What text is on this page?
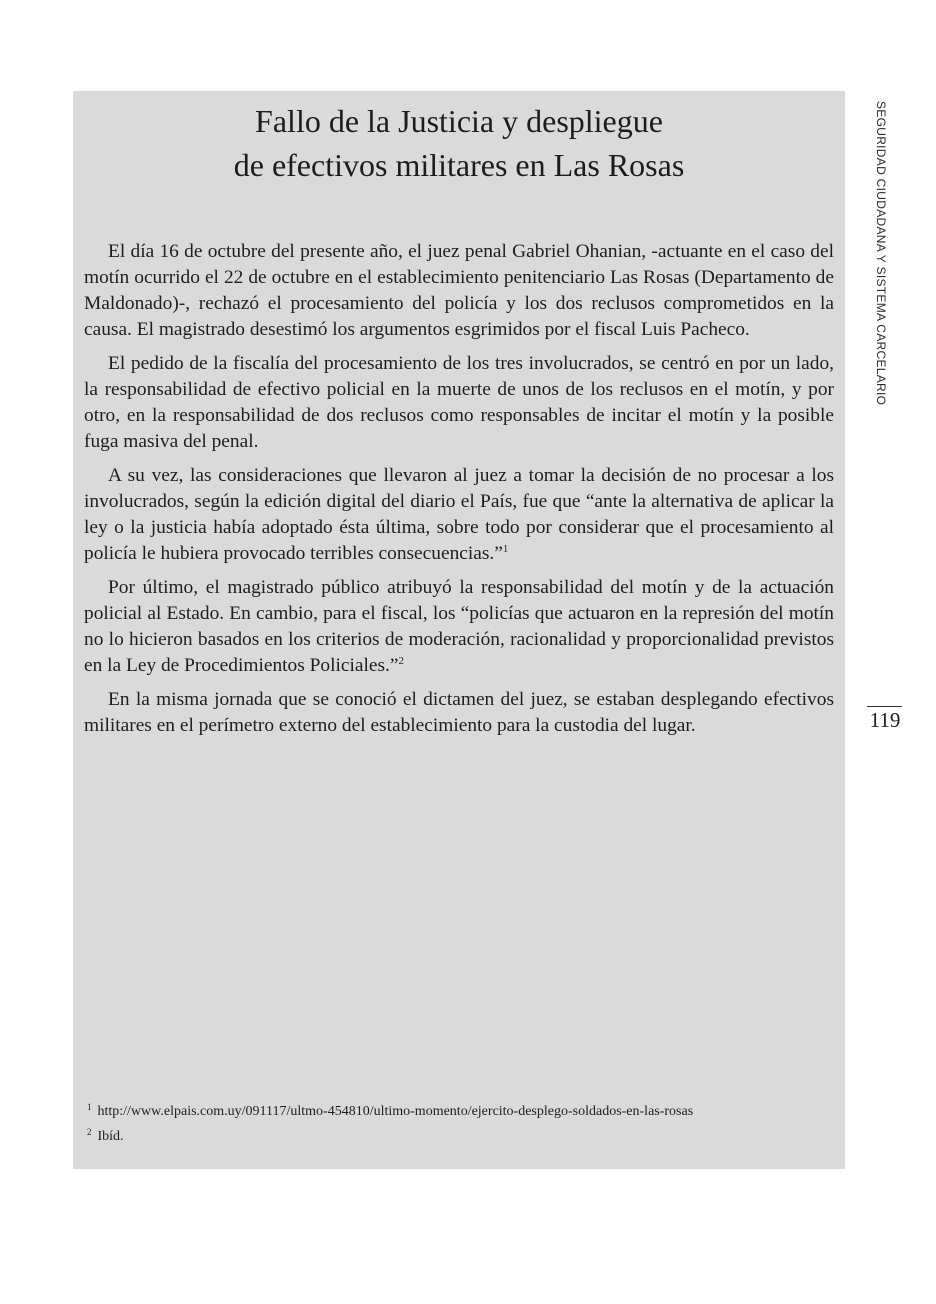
Fallo de la Justicia y despliegue
de efectivos militares en Las Rosas

El día 16 de octubre del presente año, el juez penal Gabriel Ohanian, -actuante en el caso del motín ocurrido el 22 de octubre en el establecimiento penitenciario Las Rosas (Departamento de Maldonado)-, rechazó el procesamiento del policía y los dos reclusos comprometidos en la causa. El magistrado desestimó los argumentos esgrimidos por el fiscal Luis Pacheco.

El pedido de la fiscalía del procesamiento de los tres involucrados, se centró en por un lado, la responsabilidad de efectivo policial en la muerte de unos de los reclusos en el motín, y por otro, en la responsabilidad de dos reclusos como responsables de incitar el motín y la posible fuga masiva del penal.

A su vez, las consideraciones que llevaron al juez a tomar la decisión de no procesar a los involucrados, según la edición digital del diario el País, fue que “ante la alternativa de aplicar la ley o la justicia había adoptado ésta última, sobre todo por considerar que el procesamiento al policía le hubiera provocado terribles consecuencias.”$^1$

Por último, el magistrado público atribuyó la responsabilidad del motín y de la actuación policial al Estado. En cambio, para el fiscal, los “policías que actuaron en la represión del motín no lo hicieron basados en los criterios de moderación, racionalidad y proporcionalidad previstos en la Ley de Procedimientos Policiales.”$^2$

En la misma jornada que se conoció el dictamen del juez, se estaban desplegando efectivos militares en el perímetro externo del establecimiento para la custodia del lugar.

$^1$ http://www.elpais.com.uy/091117/ultmo-454810/ultimo-momento/ejercito-desplego-soldados-en-las-rosas
$^2$ Ibíd.
SEGURIDAD CIUDADANA Y SISTEMA CARCELARIO
119
